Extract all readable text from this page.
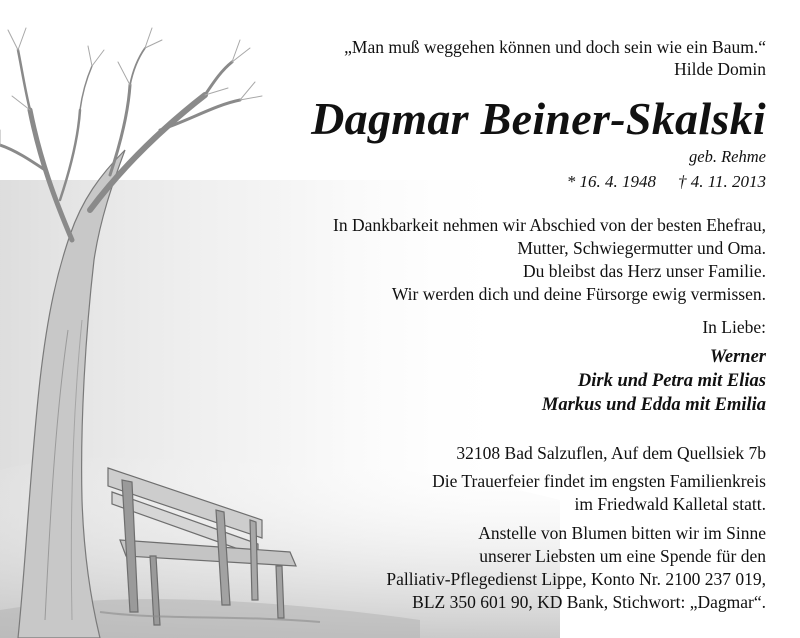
„Man muß weggehen können und doch sein wie ein Baum.“
Hilde Domin
Dagmar Beiner-Skalski
geb. Rehme
* 16. 4. 1948 † 4. 11. 2013
In Dankbarkeit nehmen wir Abschied von der besten Ehefrau,
Mutter, Schwiegermutter und Oma.
Du bleibst das Herz unser Familie.
Wir werden dich und deine Fürsorge ewig vermissen.
In Liebe:
Werner
Dirk und Petra mit Elias
Markus und Edda mit Emilia
32108 Bad Salzuflen, Auf dem Quellsiek 7b
Die Trauerfeier findet im engsten Familienkreis
im Friedwald Kalletal statt.
Anstelle von Blumen bitten wir im Sinne
unserer Liebsten um eine Spende für den
Palliativ-Pflegedienst Lippe, Konto Nr. 2100 237 019,
BLZ 350 601 90, KD Bank, Stichwort: „Dagmar“.
